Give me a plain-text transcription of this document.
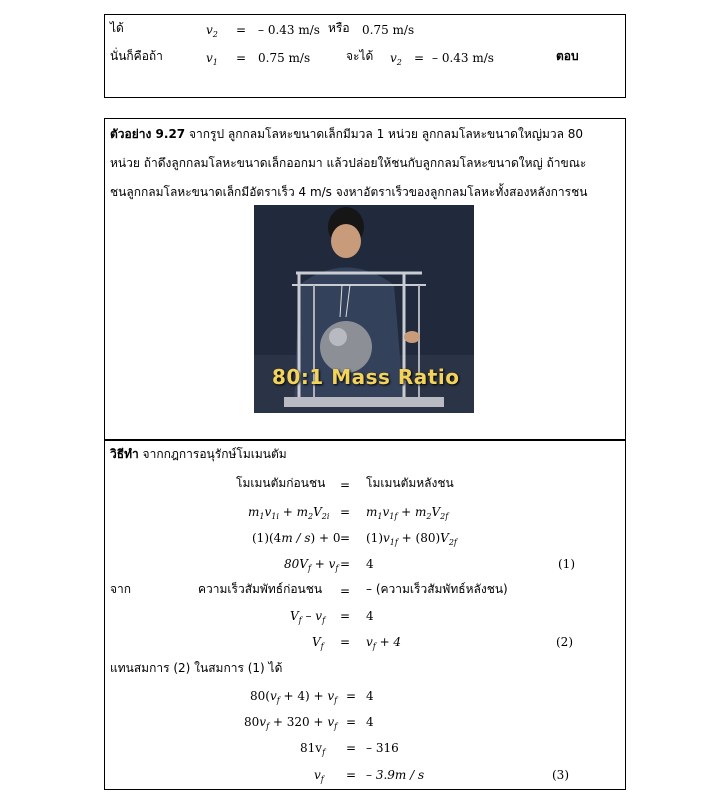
ได้	$v_2$ = – 0.43 m/s หรือ 0.75 m/s
นั่นก็คือถ้า	$v_1 = 0.75$ m/s	จะได้ $v_2$ = – 0.43 m/s	ตอบ
ตัวอย่าง 9.27 จากรูป ลูกกลมโลหะขนาดเล็กมีมวล 1 หน่วย ลูกกลมโลหะขนาดใหญ่มวล 80
หน่วย ถ้าดึงลูกกลมโลหะขนาดเล็กออกมา แล้วปล่อยให้ชนกับลูกกลมโลหะขนาดใหญ่ ถ้าขณะ
ชนลูกกลมโลหะขนาดเล็กมีอัตราเร็ว 4 m/s จงหาอัตราเร็วของลูกกลมโลหะทั้งสองหลังการชน
80:1 Mass Ratio
วิธีทำ จากกฎการอนุรักษ์โมเมนตัม
โมเมนตัมก่อนชน = โมเมนตัมหลังชน
$m_1v_{1i} + m_2V_{2i} = m_1v_{1f} + m_2V_{2f}$
$(1)(4m / s) + 0 = (1)v_{1f} + (80)V_{2f}$
$80V_f + v_f = 4$	(1)
จาก	ความเร็วสัมพัทธ์ก่อนชน = – (ความเร็วสัมพัทธ์หลังชน)
$V_f - v_f = 4$
$V_f = v_f + 4$	(2)
แทนสมการ (2) ในสมการ (1) ได้
$80(v_f + 4) + v_f = 4$
$80v_f + 320 + v_f = 4$
$81v_f$ = – 316
$v_f$ = – 3.9m / s	(3)
